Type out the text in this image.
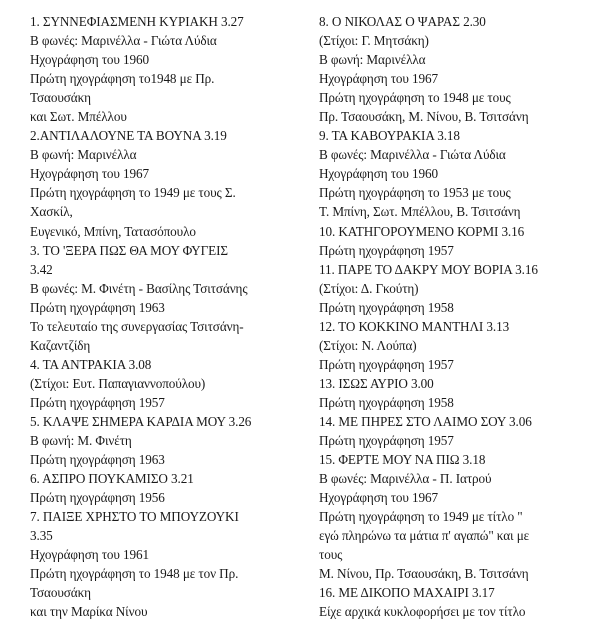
1. ΣΥΝΝΕΦΙΑΣΜΕΝΗ ΚΥΡΙΑΚΗ 3.27
Β φωνές: Μαρινέλλα - Γιώτα Λύδια
Ηχογράφηση του 1960
Πρώτη ηχογράφηση το1948 με Πρ.
Τσαουσάκη
και Σωτ. Μπέλλου
2.ΑΝΤΙΛΑΛΟΥΝΕ ΤΑ ΒΟΥΝΑ 3.19
Β φωνή: Μαρινέλλα
Ηχογράφηση του 1967
Πρώτη ηχογράφηση το 1949 με τους Σ.
Χασκίλ,
Ευγενικό, Μπίνη, Τατασόπουλο
3. ΤΟ 'ΞΕΡΑ ΠΩΣ ΘΑ ΜΟΥ ΦΥΓΕΙΣ
3.42
Β φωνές: Μ. Φινέτη - Βασίλης Τσιτσάνης
Πρώτη ηχογράφηση 1963
Το τελευταίο της συνεργασίας Τσιτσάνη-
Καζαντζίδη
4. ΤΑ ΑΝΤΡΑΚΙΑ 3.08
(Στίχοι: Ευτ. Παπαγιαννοπούλου)
Πρώτη ηχογράφηση 1957
5. ΚΛΑΨΕ ΣΗΜΕΡΑ ΚΑΡΔΙΑ ΜΟΥ 3.26
Β φωνή: Μ. Φινέτη
Πρώτη ηχογράφηση 1963
6. ΑΣΠΡΟ ΠΟΥΚΑΜΙΣΟ 3.21
Πρώτη ηχογράφηση 1956
7. ΠΑΙΞΕ ΧΡΗΣΤΟ ΤΟ ΜΠΟΥΖΟΥΚΙ
3.35
Ηχογράφηση του 1961
Πρώτη ηχογράφηση το 1948 με τον Πρ.
Τσαουσάκη
και την Μαρίκα Νίνου
8. Ο ΝΙΚΟΛΑΣ Ο ΨΑΡΑΣ 2.30
(Στίχοι: Γ. Μητσάκη)
Β φωνή: Μαρινέλλα
Ηχογράφηση του 1967
Πρώτη ηχογράφηση το 1948 με τους
Πρ. Τσαουσάκη, Μ. Νίνου, Β. Τσιτσάνη
9. ΤΑ ΚΑΒΟΥΡΑΚΙΑ 3.18
Β φωνές: Μαρινέλλα - Γιώτα Λύδια
Ηχογράφηση του 1960
Πρώτη ηχογράφηση το 1953 με τους
Τ. Μπίνη, Σωτ. Μπέλλου, Β. Τσιτσάνη
10. ΚΑΤΗΓΟΡΟΥΜΕΝΟ ΚΟΡΜΙ 3.16
Πρώτη ηχογράφηση 1957
11. ΠΑΡΕ ΤΟ ΔΑΚΡΥ ΜΟΥ ΒΟΡΙΑ 3.16
(Στίχοι: Δ. Γκούτη)
Πρώτη ηχογράφηση 1958
12. ΤΟ ΚΟΚΚΙΝΟ ΜΑΝΤΗΛΙ 3.13
(Στίχοι: Ν. Λούπα)
Πρώτη ηχογράφηση 1957
13. ΙΣΩΣ ΑΥΡΙΟ 3.00
Πρώτη ηχογράφηση 1958
14. ΜΕ ΠΗΡΕΣ ΣΤΟ ΛΑΙΜΟ ΣΟΥ 3.06
Πρώτη ηχογράφηση 1957
15. ΦΕΡΤΕ ΜΟΥ ΝΑ ΠΙΩ 3.18
Β φωνές: Μαρινέλλα - Π. Ιατρού
Ηχογράφηση του 1967
Πρώτη ηχογράφηση το 1949 με τίτλο "
εγώ πληρώνω τα μάτια π' αγαπώ" και με
τους
Μ. Νίνου, Πρ. Τσαουσάκη, Β. Τσιτσάνη
16. ΜΕ ΔΙΚΟΠΟ ΜΑΧΑΙΡΙ 3.17
Είχε αρχικά κυκλοφορήσει με τον τίτλο
